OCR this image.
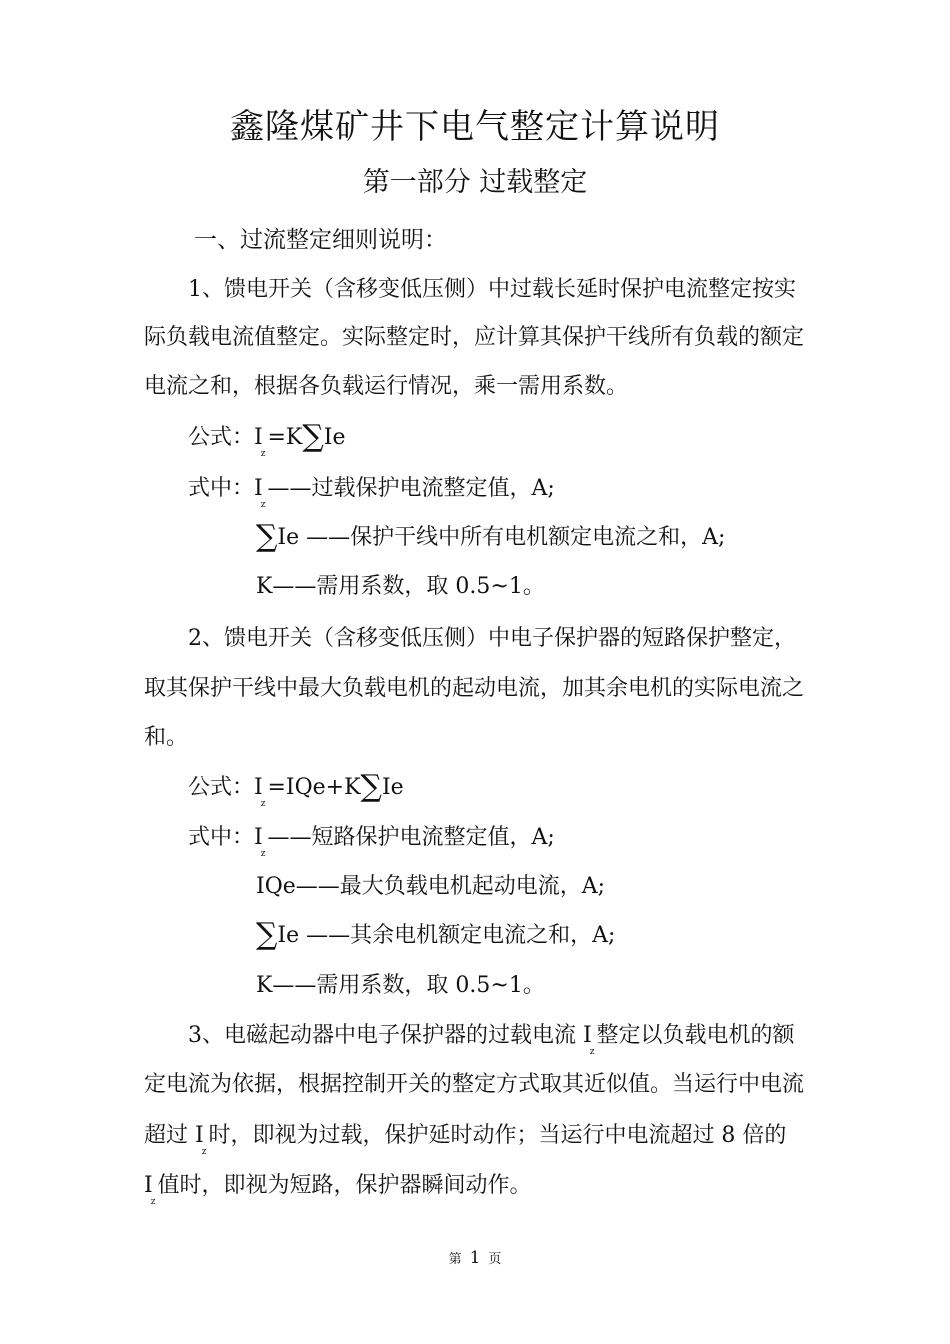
鑫隆煤矿井下电气整定计算说明
第一部分 过载整定
一、过流整定细则说明：
1、馈电开关（含移变低压侧）中过载长延时保护电流整定按实
际负载电流值整定。实际整定时，应计算其保护干线所有负载的额定
电流之和，根据各负载运行情况，乘一需用系数。
公式：Iz=K∑Ie
式中：Iz——过载保护电流整定值，A;
∑Ie ——保护干线中所有电机额定电流之和，A;
K——需用系数，取 0.5~1。
2、馈电开关（含移变低压侧）中电子保护器的短路保护整定，
取其保护干线中最大负载电机的起动电流，加其余电机的实际电流之
和。
公式：Iz=IQe+K∑Ie
式中：Iz——短路保护电流整定值，A;
IQe——最大负载电机起动电流，A;
∑Ie ——其余电机额定电流之和，A;
K——需用系数，取 0.5~1。
3、电磁起动器中电子保护器的过载电流 Iz整定以负载电机的额
定电流为依据，根据控制开关的整定方式取其近似值。当运行中电流
超过 Iz时，即视为过载，保护延时动作；当运行中电流超过 8 倍的
Iz值时，即视为短路，保护器瞬间动作。
第 1 页
